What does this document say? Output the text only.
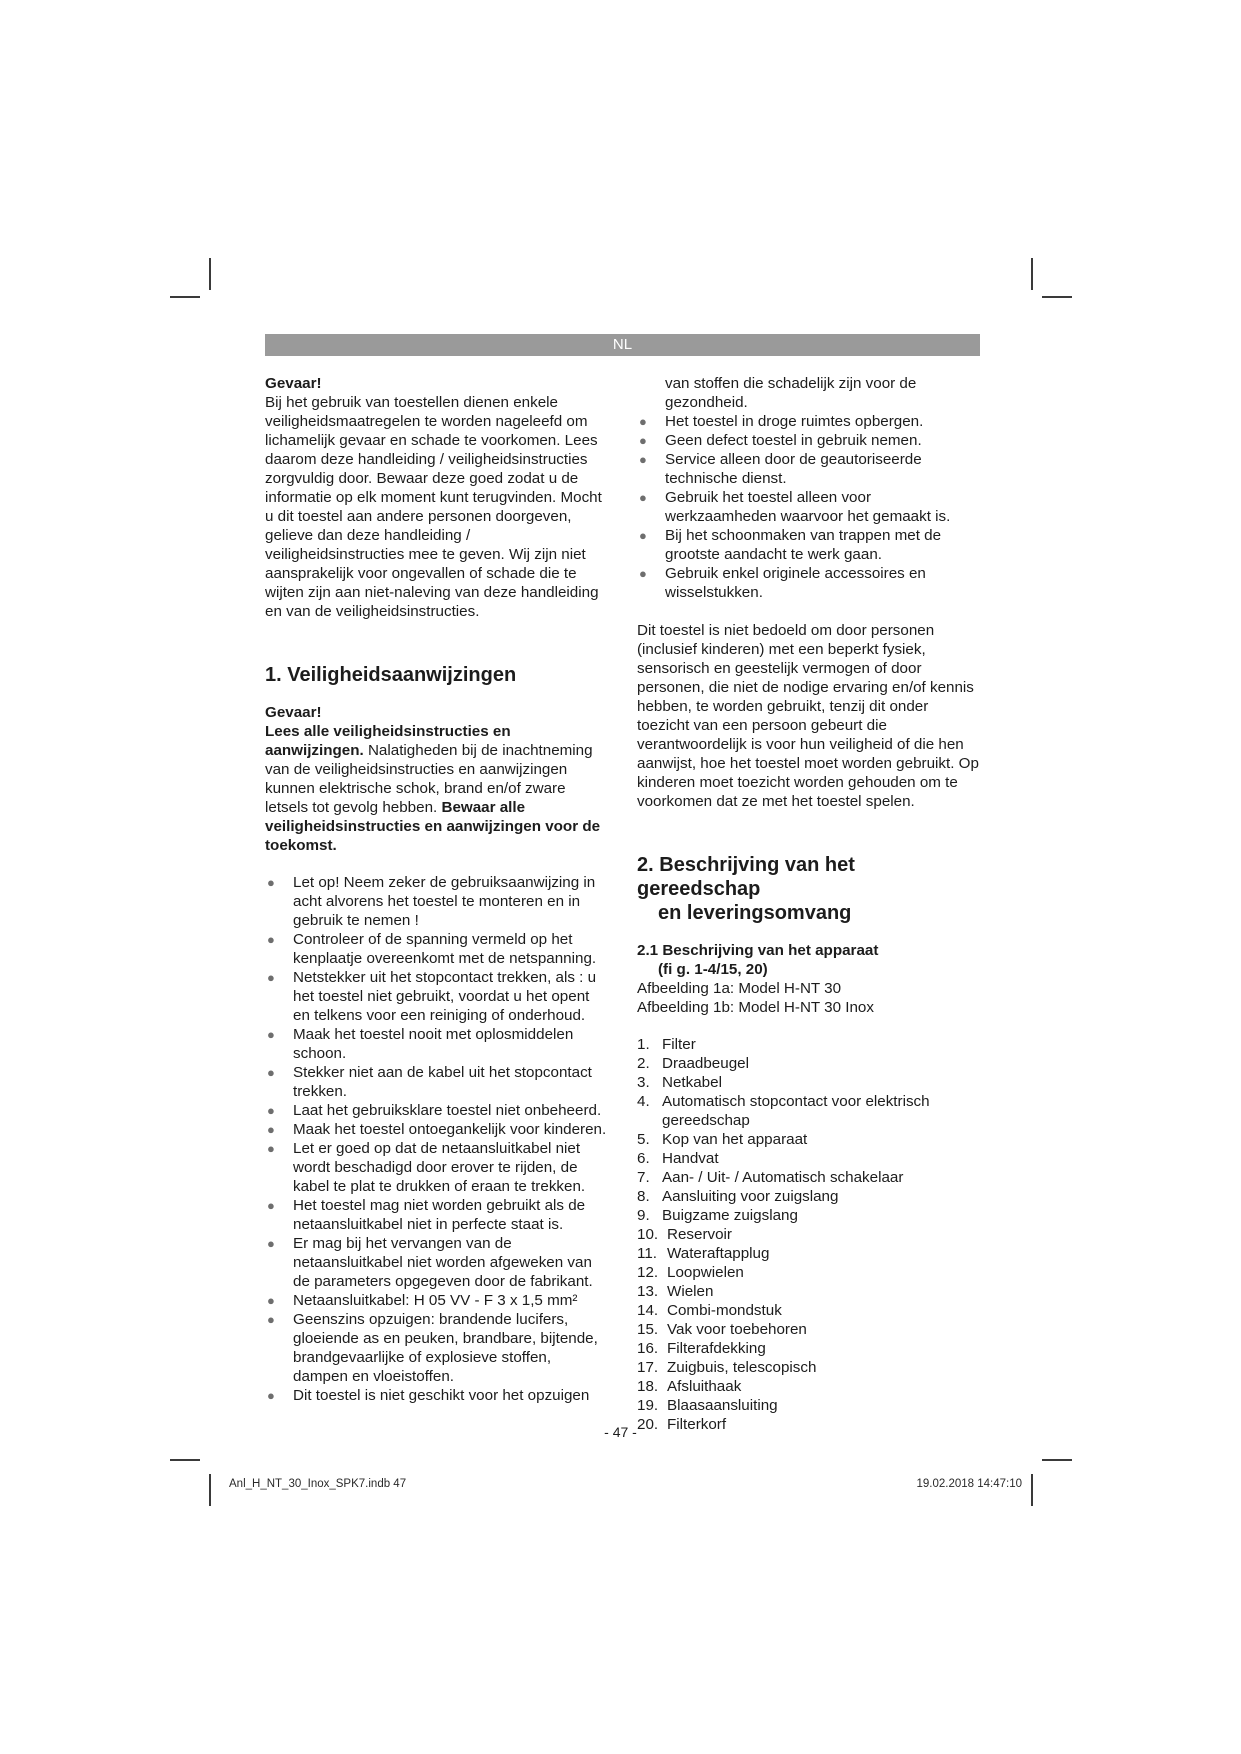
NL

Gevaar!

Bij het gebruik van toestellen dienen enkele veiligheidsmaatregelen te worden nageleefd om lichamelijk gevaar en schade te voorkomen. Lees daarom deze handleiding / veiligheidsinstructies zorgvuldig door. Bewaar deze goed zodat u de informatie op elk moment kunt terugvinden. Mocht u dit toestel aan andere personen doorgeven, gelieve dan deze handleiding / veiligheidsinstructies mee te geven. Wij zijn niet aansprakelijk voor ongevallen of schade die te wijten zijn aan niet-naleving van deze handleiding en van de veiligheidsinstructies.

1. Veiligheidsaanwijzingen

Gevaar!

Lees alle veiligheidsinstructies en aanwijzingen. Nalatigheden bij de inachtneming van de veiligheidsinstructies en aanwijzingen kunnen elektrische schok, brand en/of zware letsels tot gevolg hebben. Bewaar alle veiligheidsinstructies en aanwijzingen voor de toekomst.

● Let op! Neem zeker de gebruiksaanwijzing in acht alvorens het toestel te monteren en in gebruik te nemen !
● Controleer of de spanning vermeld op het kenplaatje overeenkomt met de netspanning.
● Netstekker uit het stopcontact trekken, als : u het toestel niet gebruikt, voordat u het opent en telkens voor een reiniging of onderhoud.
● Maak het toestel nooit met oplosmiddelen schoon.
● Stekker niet aan de kabel uit het stopcontact trekken.
● Laat het gebruiksklare toestel niet onbeheerd.
● Maak het toestel ontoegankelijk voor kinderen.
● Let er goed op dat de netaansluitkabel niet wordt beschadigd door erover te rijden, de kabel te plat te drukken of eraan te trekken.
● Het toestel mag niet worden gebruikt als de netaansluitkabel niet in perfecte staat is.
● Er mag bij het vervangen van de netaansluitkabel niet worden afgeweken van de parameters opgegeven door de fabrikant.
● Netaansluitkabel: H 05 VV - F 3 x 1,5 mm²
● Geenszins opzuigen: brandende lucifers, gloeiende as en peuken, brandbare, bijtende, brandgevaarlijke of explosieve stoffen, dampen en vloeistoffen.
● Dit toestel is niet geschikt voor het opzuigen
van stoffen die schadelijk zijn voor de gezondheid.
● Het toestel in droge ruimtes opbergen.
● Geen defect toestel in gebruik nemen.
● Service alleen door de geautoriseerde technische dienst.
● Gebruik het toestel alleen voor werkzaamheden waarvoor het gemaakt is.
● Bij het schoonmaken van trappen met de grootste aandacht te werk gaan.
● Gebruik enkel originele accessoires en wisselstukken.

Dit toestel is niet bedoeld om door personen (inclusief kinderen) met een beperkt fysiek, sensorisch en geestelijk vermogen of door personen, die niet de nodige ervaring en/of kennis hebben, te worden gebruikt, tenzij dit onder toezicht van een persoon gebeurt die verantwoordelijk is voor hun veiligheid of die hen aanwijst, hoe het toestel moet worden gebruikt. Op kinderen moet toezicht worden gehouden om te voorkomen dat ze met het toestel spelen.

2. Beschrijving van het gereedschap
en leveringsomvang
2.1 Beschrijving van het apparaat
(fi g. 1-4/15, 20)

Afbeelding 1a: Model H-NT 30

Afbeelding 1b: Model H-NT 30 Inox

1. Filter
2. Draadbeugel
3. Netkabel
4. Automatisch stopcontact voor elektrisch gereedschap
5. Kop van het apparaat
6. Handvat
7. Aan- / Uit- / Automatisch schakelaar
8. Aansluiting voor zuigslang
9. Buigzame zuigslang
10. Reservoir
11. Wateraftapplug
12. Loopwielen
13. Wielen
14. Combi-mondstuk
15. Vak voor toebehoren
16. Filterafdekking
17. Zuigbuis, telescopisch
18. Afsluithaak
19. Blaasaansluiting
20. Filterkorf
- 47 -
Anl_H_NT_30_Inox_SPK7.indb 47	19.02.2018 14:47:10
